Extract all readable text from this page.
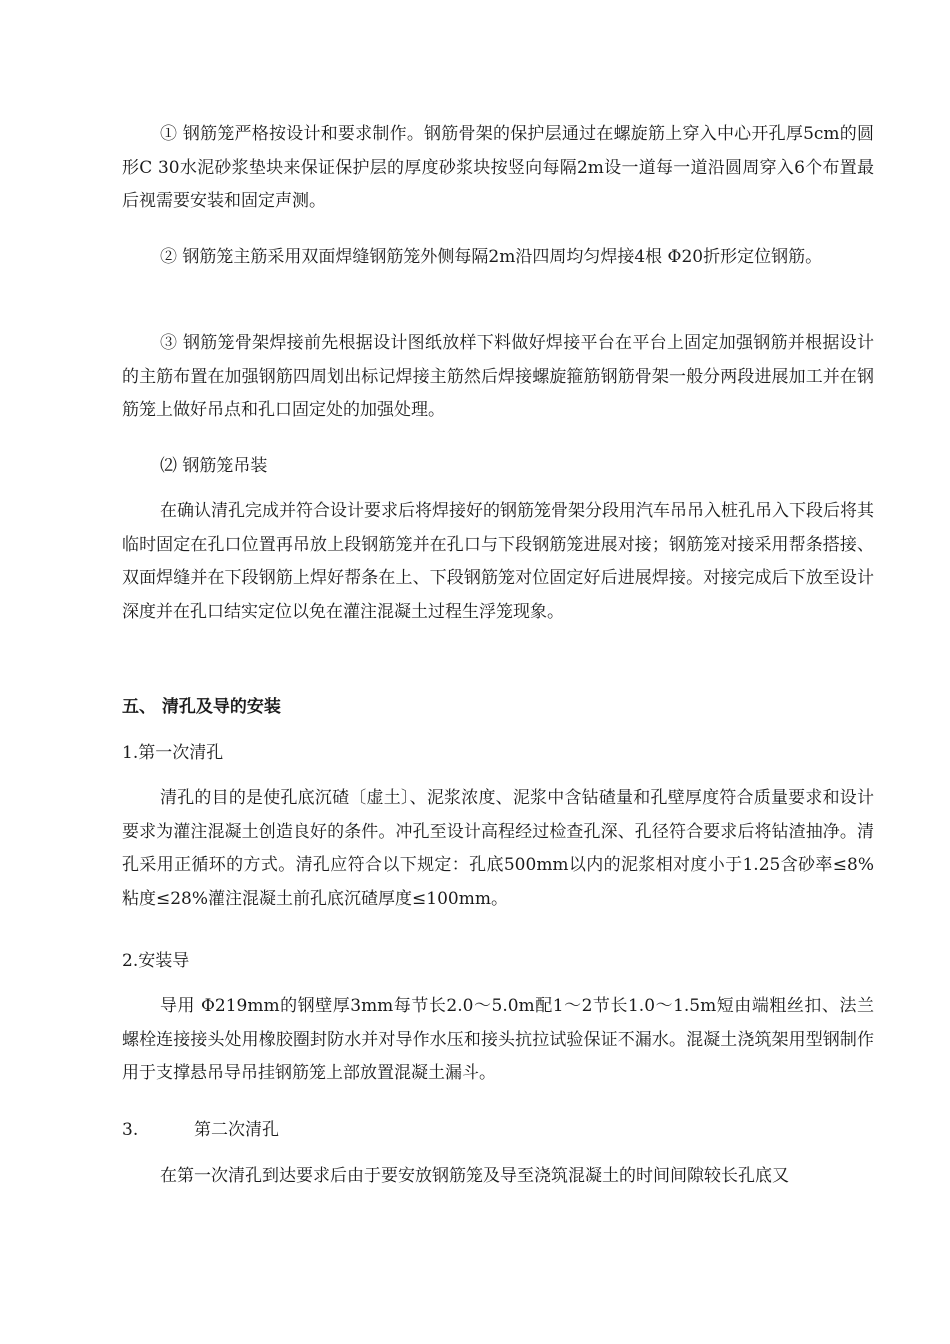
① 钢筋笼严格按设计和要求制作。钢筋骨架的保护层通过在螺旋筋上穿入中心开孔厚5cm的圆形C 30水泥砂浆垫块来保证保护层的厚度砂浆块按竖向每隔2m设一道每一道沿圆周穿入6个布置最后视需要安装和固定声测。

② 钢筋笼主筋采用双面焊缝钢筋笼外侧每隔2m沿四周均匀焊接4根 Φ20折形定位钢筋。

③ 钢筋笼骨架焊接前先根据设计图纸放样下料做好焊接平台在平台上固定加强钢筋并根据设计的主筋布置在加强钢筋四周划出标记焊接主筋然后焊接螺旋箍筋钢筋骨架一般分两段进展加工并在钢筋笼上做好吊点和孔口固定处的加强处理。

⑵ 钢筋笼吊装

在确认清孔完成并符合设计要求后将焊接好的钢筋笼骨架分段用汽车吊吊入桩孔吊入下段后将其临时固定在孔口位置再吊放上段钢筋笼并在孔口与下段钢筋笼进展对接；钢筋笼对接采用帮条搭接、双面焊缝并在下段钢筋上焊好帮条在上、下段钢筋笼对位固定好后进展焊接。对接完成后下放至设计深度并在孔口结实定位以免在灌注混凝土过程生浮笼现象。

五、 清孔及导的安装

1.第一次清孔

清孔的目的是使孔底沉碴〔虚土〕、泥浆浓度、泥浆中含钻碴量和孔壁厚度符合质量要求和设计要求为灌注混凝土创造良好的条件。冲孔至设计高程经过检查孔深、孔径符合要求后将钻渣抽净。清孔采用正循环的方式。清孔应符合以下规定：孔底500mm以内的泥浆相对度小于1.25含砂率≤8%粘度≤28%灌注混凝土前孔底沉碴厚度≤100mm。

2.安装导

导用 Φ219mm的钢壁厚3mm每节长2.0～5.0m配1～2节长1.0～1.5m短由端粗丝扣、法兰螺栓连接接头处用橡胶圈封防水并对导作水压和接头抗拉试验保证不漏水。混凝土浇筑架用型钢制作用于支撑悬吊导吊挂钢筋笼上部放置混凝土漏斗。

3.	第二次清孔

在第一次清孔到达要求后由于要安放钢筋笼及导至浇筑混凝土的时间间隙较长孔底又
